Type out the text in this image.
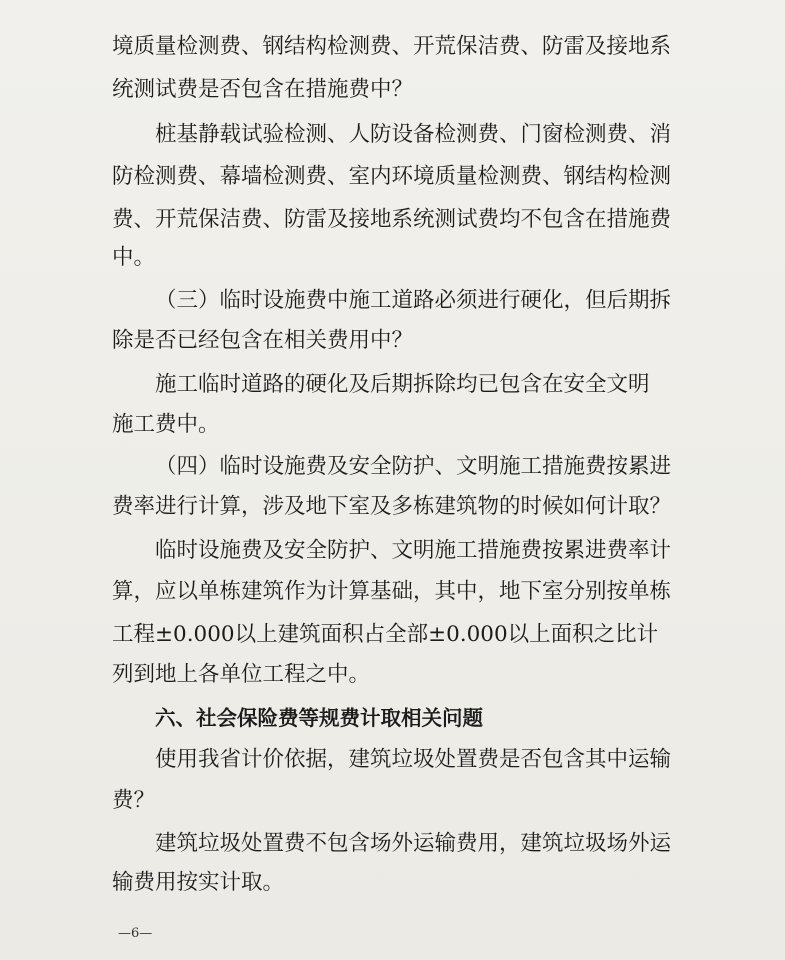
境质量检测费、钢结构检测费、开荒保洁费、防雷及接地系
统测试费是否包含在措施费中？
桩基静载试验检测、人防设备检测费、门窗检测费、消
防检测费、幕墙检测费、室内环境质量检测费、钢结构检测
费、开荒保洁费、防雷及接地系统测试费均不包含在措施费
中。
（三）临时设施费中施工道路必须进行硬化，但后期拆
除是否已经包含在相关费用中？
施工临时道路的硬化及后期拆除均已包含在安全文明
施工费中。
（四）临时设施费及安全防护、文明施工措施费按累进
费率进行计算，涉及地下室及多栋建筑物的时候如何计取？
临时设施费及安全防护、文明施工措施费按累进费率计
算，应以单栋建筑作为计算基础，其中，地下室分别按单栋
工程±0.000以上建筑面积占全部±0.000以上面积之比计
列到地上各单位工程之中。
六、社会保险费等规费计取相关问题
使用我省计价依据，建筑垃圾处置费是否包含其中运输
费？
建筑垃圾处置费不包含场外运输费用，建筑垃圾场外运
输费用按实计取。
—6—
